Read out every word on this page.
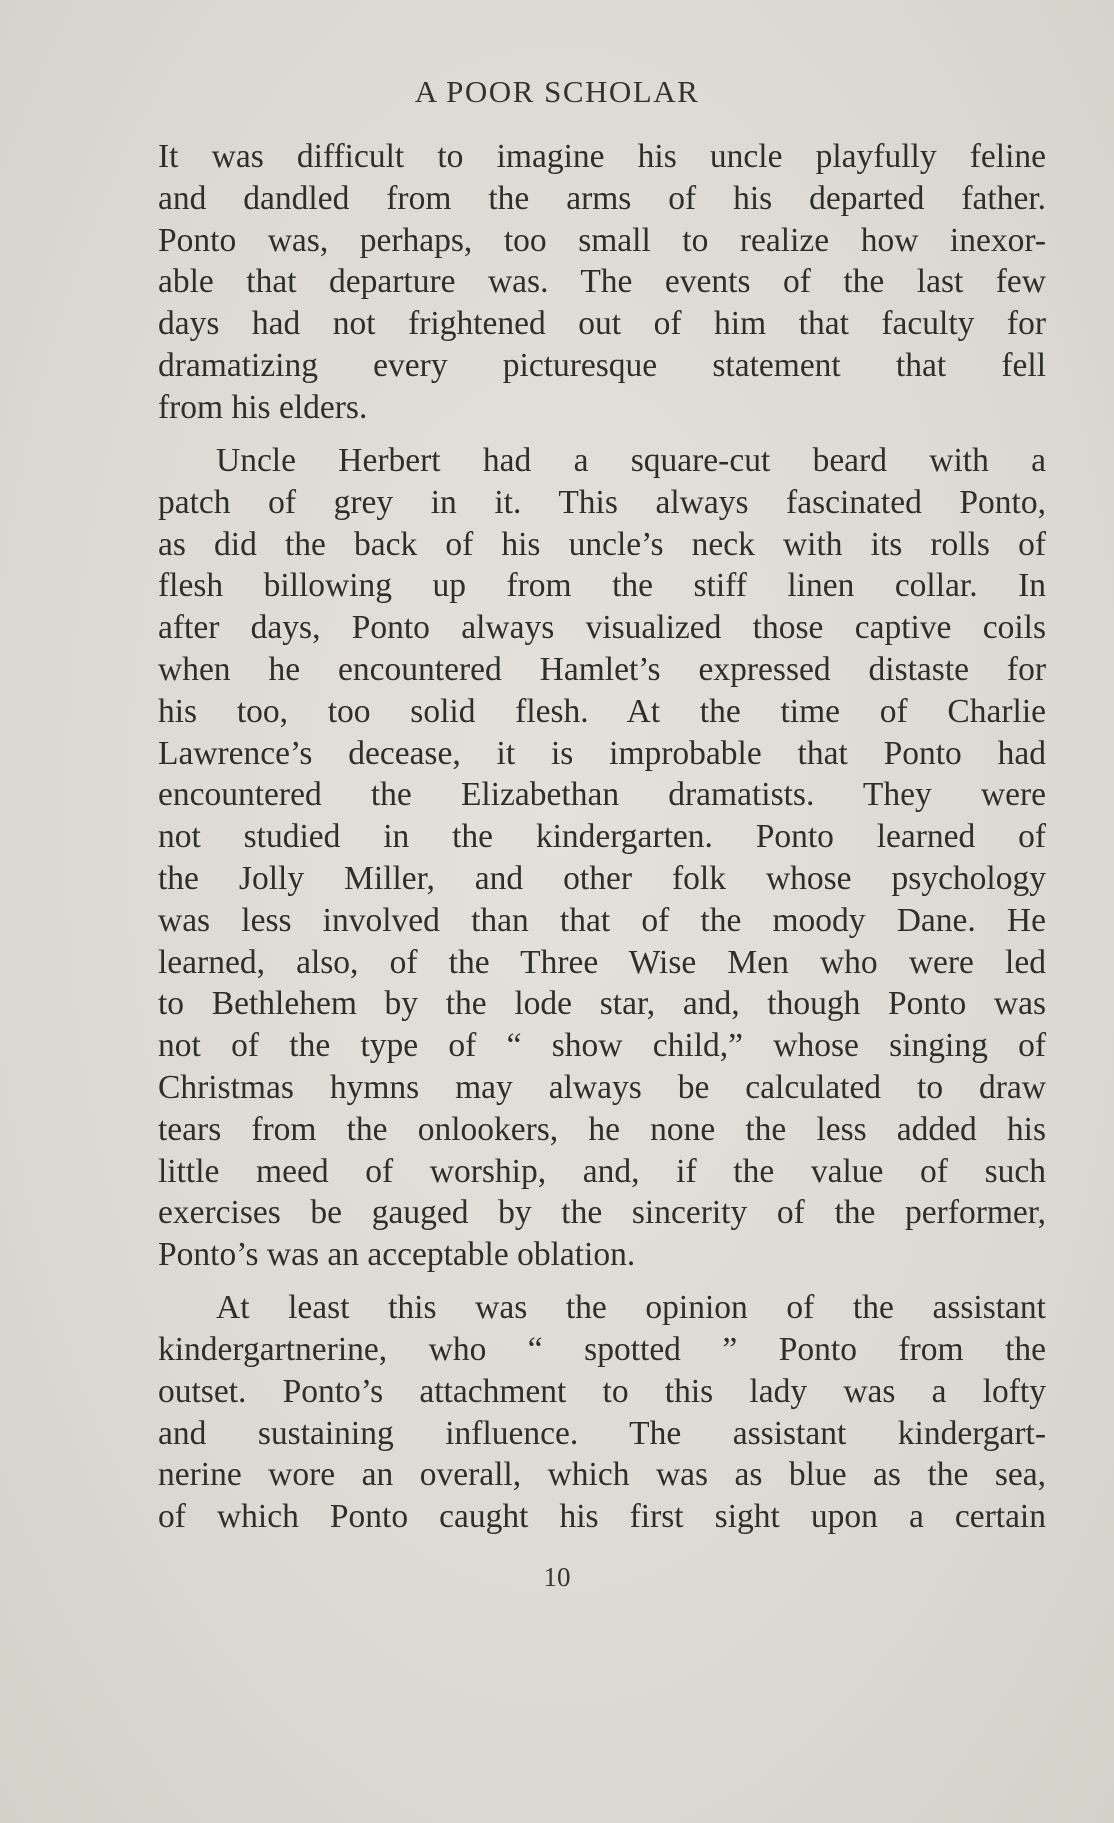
A POOR SCHOLAR
It was difficult to imagine his uncle playfully feline
and dandled from the arms of his departed father.
Ponto was, perhaps, too small to realize how inexor-
able that departure was. The events of the last few
days had not frightened out of him that faculty for
dramatizing every picturesque statement that fell
from his elders.
Uncle Herbert had a square-cut beard with a
patch of grey in it. This always fascinated Ponto,
as did the back of his uncle’s neck with its rolls of
flesh billowing up from the stiff linen collar. In
after days, Ponto always visualized those captive coils
when he encountered Hamlet’s expressed distaste for
his too, too solid flesh. At the time of Charlie
Lawrence’s decease, it is improbable that Ponto had
encountered the Elizabethan dramatists. They were
not studied in the kindergarten. Ponto learned of
the Jolly Miller, and other folk whose psychology
was less involved than that of the moody Dane. He
learned, also, of the Three Wise Men who were led
to Bethlehem by the lode star, and, though Ponto was
not of the type of “ show child,” whose singing of
Christmas hymns may always be calculated to draw
tears from the onlookers, he none the less added his
little meed of worship, and, if the value of such
exercises be gauged by the sincerity of the performer,
Ponto’s was an acceptable oblation.
At least this was the opinion of the assistant
kindergartnerine, who “ spotted ” Ponto from the
outset. Ponto’s attachment to this lady was a lofty
and sustaining influence. The assistant kindergart-
nerine wore an overall, which was as blue as the sea,
of which Ponto caught his first sight upon a certain
10
